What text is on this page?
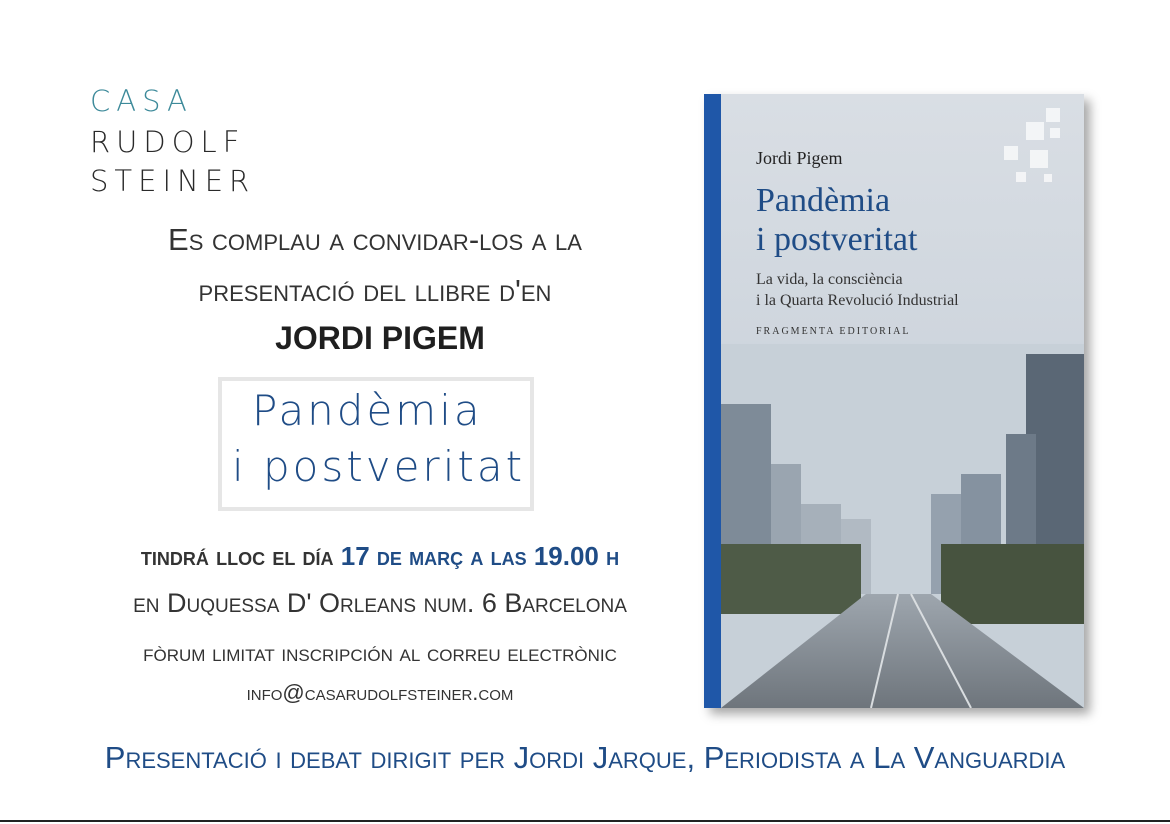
CASA
RUDOLF
STEINER
Es complau a convidar-los a la
presentació del llibre d'en
JORDI PIGEM
Pandèmia
i postveritat
tindrá lloc el día 17 de març a las 19.00 h
en Duquessa D' Orleans num. 6 Barcelona
fòrum limitat inscripción al correu electrònic
info@casarudolfsteiner.com
Jordi Pigem
Pandèmia
i postveritat
La vida, la consciència
i la Quarta Revolució Industrial
FRAGMENTA EDITORIAL
Presentació i debat dirigit per Jordi Jarque, Periodista a La Vanguardia
